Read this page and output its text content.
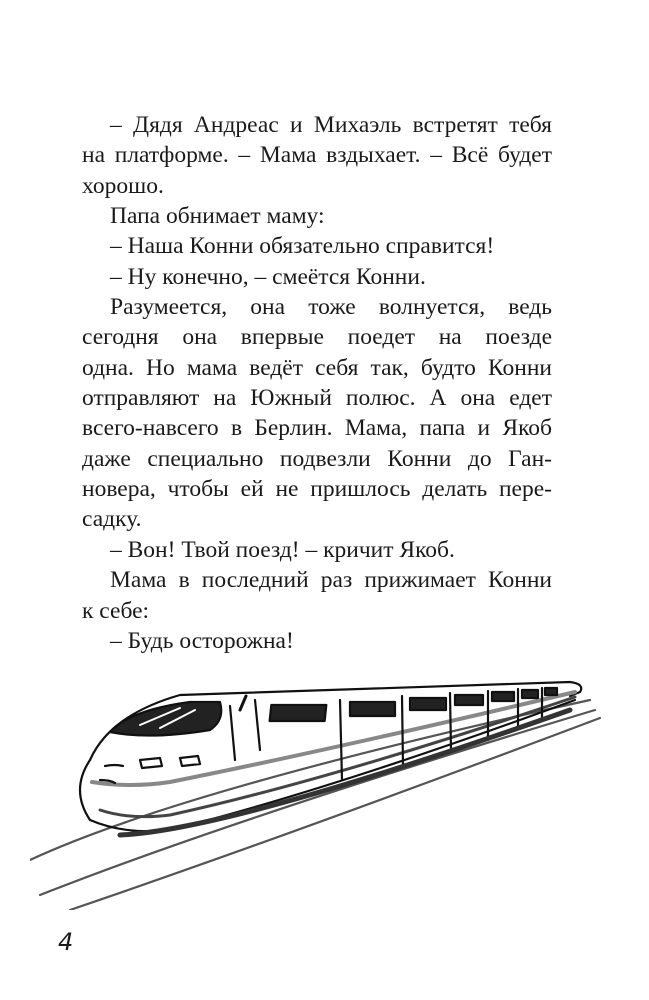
– Дядя Андреас и Михаэль встретят тебя
на платформе. – Мама вздыхает. – Всё будет
хорошо.
Папа обнимает маму:
– Наша Конни обязательно справится!
– Ну конечно, – смеётся Конни.
Разумеется, она тоже волнуется, ведь
сегодня она впервые поедет на поезде
одна. Но мама ведёт себя так, будто Конни
отправляют на Южный полюс. А она едет
всего-навсего в Берлин. Мама, папа и Якоб
даже специально подвезли Конни до Ган-
новера, чтобы ей не пришлось делать пере-
садку.
– Вон! Твой поезд! – кричит Якоб.
Мама в последний раз прижимает Конни
к себе:
– Будь осторожна!
4
